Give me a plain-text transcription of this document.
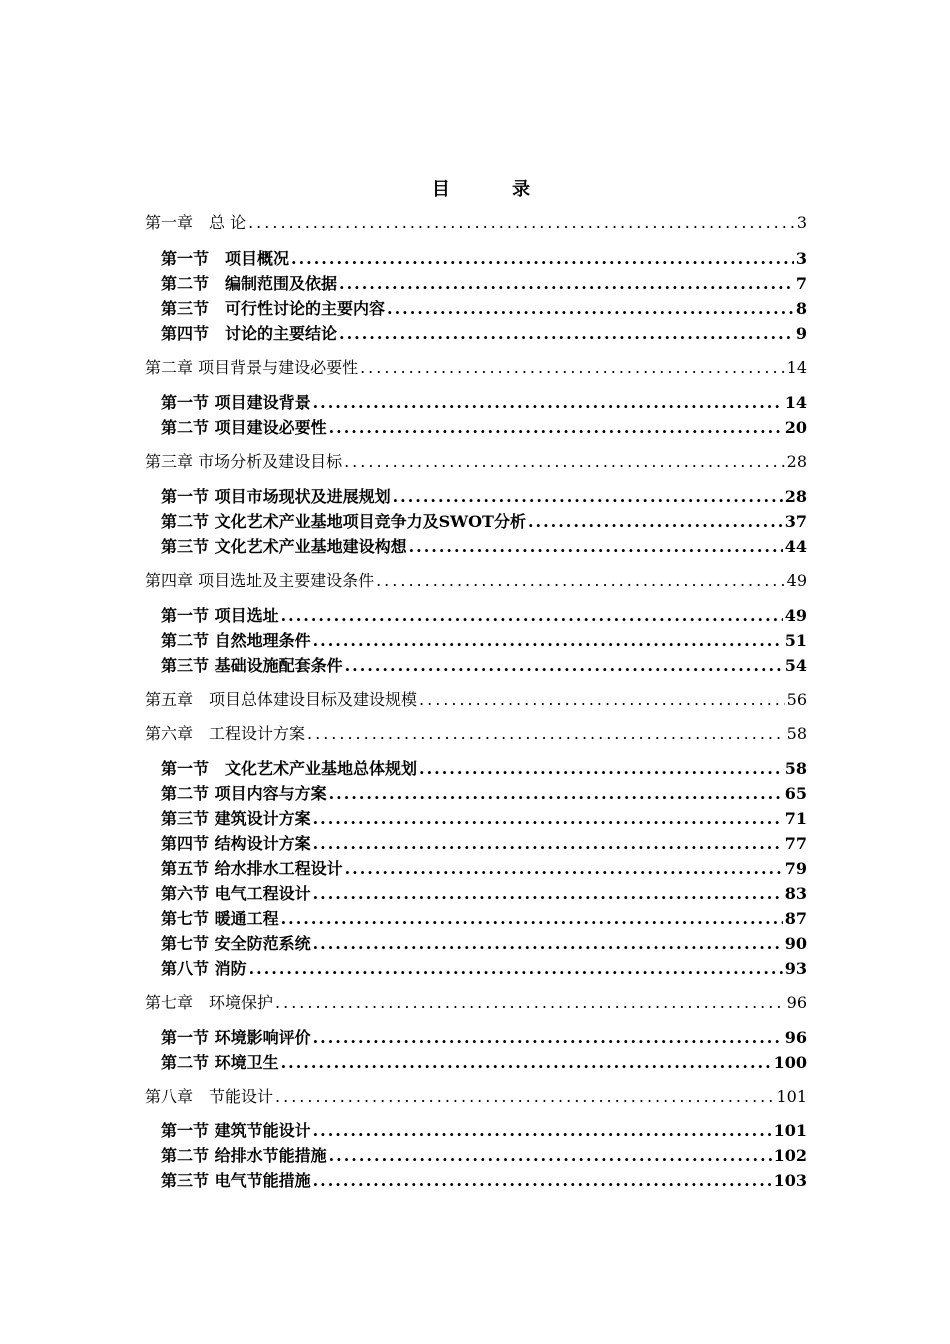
目 录
第一章　总 论 .....	3
第一节　项目概况 .....	3
第二节　编制范围及依据 .....	7
第三节　可行性讨论的主要内容 .....	8
第四节　讨论的主要结论 .....	9
第二章 项目背景与建设必要性 .....	14
第一节 项目建设背景 .....	14
第二节 项目建设必要性 .....	20
第三章 市场分析及建设目标 .....	28
第一节 项目市场现状及进展规划 .....	28
第二节 文化艺术产业基地项目竞争力及SWOT分析 .....	37
第三节 文化艺术产业基地建设构想 .....	44
第四章 项目选址及主要建设条件 .....	49
第一节 项目选址 .....	49
第二节 自然地理条件 .....	51
第三节 基础设施配套条件 .....	54
第五章　项目总体建设目标及建设规模 .....	56
第六章　工程设计方案 .....	58
第一节　文化艺术产业基地总体规划 .....	58
第二节 项目内容与方案 .....	65
第三节 建筑设计方案 .....	71
第四节 结构设计方案 .....	77
第五节 给水排水工程设计 .....	79
第六节 电气工程设计 .....	83
第七节 暖通工程 .....	87
第七节 安全防范系统 .....	90
第八节 消防 .....	93
第七章　环境保护 .....	96
第一节 环境影响评价 .....	96
第二节 环境卫生 .....	100
第八章　节能设计 .....	101
第一节 建筑节能设计 .....	101
第二节 给排水节能措施 .....	102
第三节 电气节能措施 .....	103
